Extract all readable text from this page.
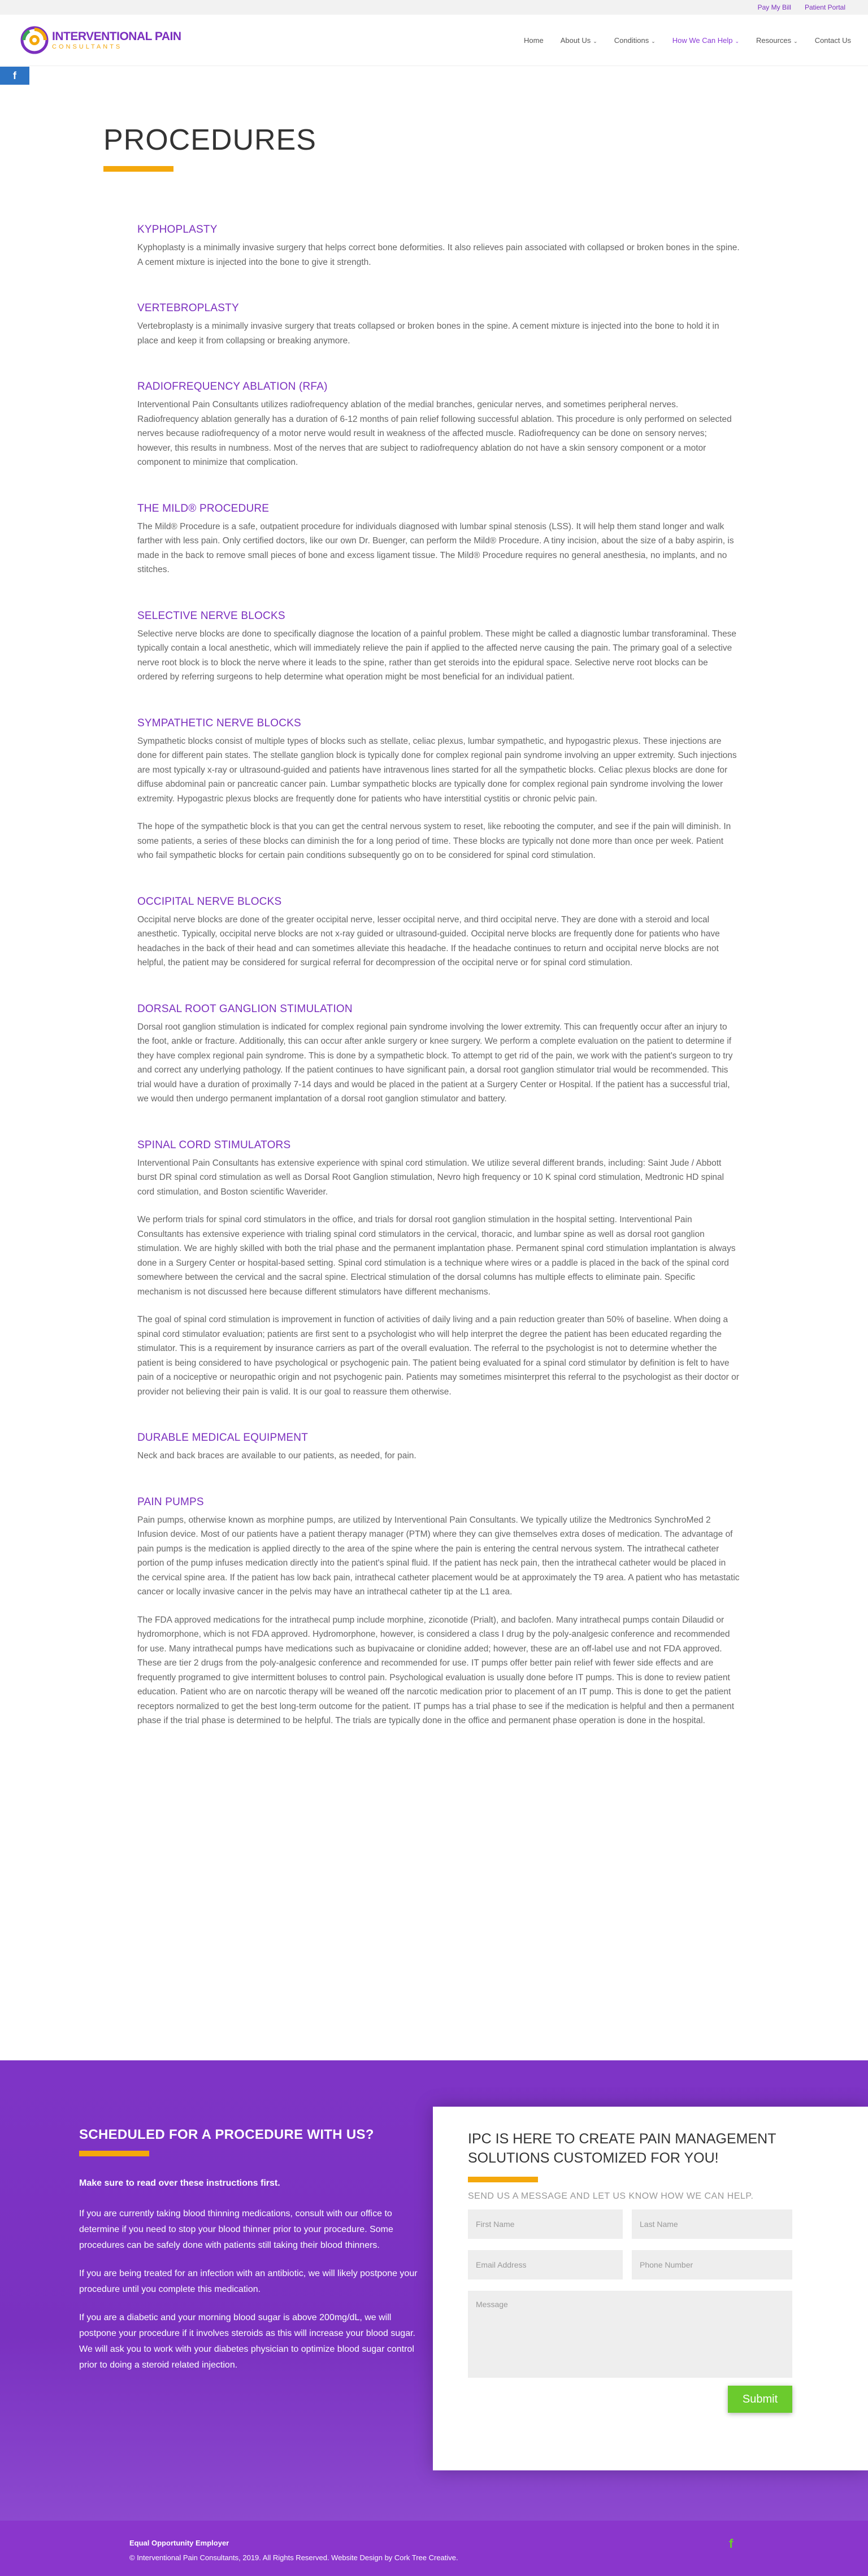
Pay My Bill Patient Portal
INTERVENTIONAL PAIN
CONSULTANTS
Home About Us ⌄ Conditions ⌄ How We Can Help ⌄ Resources ⌄ Contact Us
f
PROCEDURES
KYPHOPLASTY

Kyphoplasty is a minimally invasive surgery that helps correct bone deformities. It also relieves pain associated with collapsed or broken bones in the spine. A cement mixture is injected into the bone to give it strength.

VERTEBROPLASTY

Vertebroplasty is a minimally invasive surgery that treats collapsed or broken bones in the spine. A cement mixture is injected into the bone to hold it in place and keep it from collapsing or breaking anymore.

RADIOFREQUENCY ABLATION (RFA)

Interventional Pain Consultants utilizes radiofrequency ablation of the medial branches, genicular nerves, and sometimes peripheral nerves. Radiofrequency ablation generally has a duration of 6-12 months of pain relief following successful ablation. This procedure is only performed on selected nerves because radiofrequency of a motor nerve would result in weakness of the affected muscle. Radiofrequency can be done on sensory nerves; however, this results in numbness. Most of the nerves that are subject to radiofrequency ablation do not have a skin sensory component or a motor component to minimize that complication.

THE MILD® PROCEDURE

The Mild® Procedure is a safe, outpatient procedure for individuals diagnosed with lumbar spinal stenosis (LSS). It will help them stand longer and walk farther with less pain. Only certified doctors, like our own Dr. Buenger, can perform the Mild® Procedure. A tiny incision, about the size of a baby aspirin, is made in the back to remove small pieces of bone and excess ligament tissue. The Mild® Procedure requires no general anesthesia, no implants, and no stitches.

SELECTIVE NERVE BLOCKS

Selective nerve blocks are done to specifically diagnose the location of a painful problem. These might be called a diagnostic lumbar transforaminal. These typically contain a local anesthetic, which will immediately relieve the pain if applied to the affected nerve causing the pain. The primary goal of a selective nerve root block is to block the nerve where it leads to the spine, rather than get steroids into the epidural space. Selective nerve root blocks can be ordered by referring surgeons to help determine what operation might be most beneficial for an individual patient.

SYMPATHETIC NERVE BLOCKS

Sympathetic blocks consist of multiple types of blocks such as stellate, celiac plexus, lumbar sympathetic, and hypogastric plexus. These injections are done for different pain states. The stellate ganglion block is typically done for complex regional pain syndrome involving an upper extremity. Such injections are most typically x-ray or ultrasound-guided and patients have intravenous lines started for all the sympathetic blocks. Celiac plexus blocks are done for diffuse abdominal pain or pancreatic cancer pain. Lumbar sympathetic blocks are typically done for complex regional pain syndrome involving the lower extremity. Hypogastric plexus blocks are frequently done for patients who have interstitial cystitis or chronic pelvic pain.

The hope of the sympathetic block is that you can get the central nervous system to reset, like rebooting the computer, and see if the pain will diminish. In some patients, a series of these blocks can diminish the for a long period of time. These blocks are typically not done more than once per week. Patient who fail sympathetic blocks for certain pain conditions subsequently go on to be considered for spinal cord stimulation.

OCCIPITAL NERVE BLOCKS

Occipital nerve blocks are done of the greater occipital nerve, lesser occipital nerve, and third occipital nerve. They are done with a steroid and local anesthetic. Typically, occipital nerve blocks are not x-ray guided or ultrasound-guided. Occipital nerve blocks are frequently done for patients who have headaches in the back of their head and can sometimes alleviate this headache. If the headache continues to return and occipital nerve blocks are not helpful, the patient may be considered for surgical referral for decompression of the occipital nerve or for spinal cord stimulation.

DORSAL ROOT GANGLION STIMULATION

Dorsal root ganglion stimulation is indicated for complex regional pain syndrome involving the lower extremity. This can frequently occur after an injury to the foot, ankle or fracture. Additionally, this can occur after ankle surgery or knee surgery. We perform a complete evaluation on the patient to determine if they have complex regional pain syndrome. This is done by a sympathetic block. To attempt to get rid of the pain, we work with the patient's surgeon to try and correct any underlying pathology. If the patient continues to have significant pain, a dorsal root ganglion stimulator trial would be recommended. This trial would have a duration of proximally 7-14 days and would be placed in the patient at a Surgery Center or Hospital. If the patient has a successful trial, we would then undergo permanent implantation of a dorsal root ganglion stimulator and battery.

SPINAL CORD STIMULATORS

Interventional Pain Consultants has extensive experience with spinal cord stimulation. We utilize several different brands, including: Saint Jude / Abbott burst DR spinal cord stimulation as well as Dorsal Root Ganglion stimulation, Nevro high frequency or 10 K spinal cord stimulation, Medtronic HD spinal cord stimulation, and Boston scientific Waverider.

We perform trials for spinal cord stimulators in the office, and trials for dorsal root ganglion stimulation in the hospital setting. Interventional Pain Consultants has extensive experience with trialing spinal cord stimulators in the cervical, thoracic, and lumbar spine as well as dorsal root ganglion stimulation. We are highly skilled with both the trial phase and the permanent implantation phase. Permanent spinal cord stimulation implantation is always done in a Surgery Center or hospital-based setting. Spinal cord stimulation is a technique where wires or a paddle is placed in the back of the spinal cord somewhere between the cervical and the sacral spine. Electrical stimulation of the dorsal columns has multiple effects to eliminate pain. Specific mechanism is not discussed here because different stimulators have different mechanisms.

The goal of spinal cord stimulation is improvement in function of activities of daily living and a pain reduction greater than 50% of baseline. When doing a spinal cord stimulator evaluation; patients are first sent to a psychologist who will help interpret the degree the patient has been educated regarding the stimulator. This is a requirement by insurance carriers as part of the overall evaluation. The referral to the psychologist is not to determine whether the patient is being considered to have psychological or psychogenic pain. The patient being evaluated for a spinal cord stimulator by definition is felt to have pain of a nociceptive or neuropathic origin and not psychogenic pain. Patients may sometimes misinterpret this referral to the psychologist as their doctor or provider not believing their pain is valid. It is our goal to reassure them otherwise.

DURABLE MEDICAL EQUIPMENT

Neck and back braces are available to our patients, as needed, for pain.

PAIN PUMPS

Pain pumps, otherwise known as morphine pumps, are utilized by Interventional Pain Consultants. We typically utilize the Medtronics SynchroMed 2 Infusion device. Most of our patients have a patient therapy manager (PTM) where they can give themselves extra doses of medication. The advantage of pain pumps is the medication is applied directly to the area of the spine where the pain is entering the central nervous system. The intrathecal catheter portion of the pump infuses medication directly into the patient's spinal fluid. If the patient has neck pain, then the intrathecal catheter would be placed in the cervical spine area. If the patient has low back pain, intrathecal catheter placement would be at approximately the T9 area. A patient who has metastatic cancer or locally invasive cancer in the pelvis may have an intrathecal catheter tip at the L1 area.

The FDA approved medications for the intrathecal pump include morphine, ziconotide (Prialt), and baclofen. Many intrathecal pumps contain Dilaudid or hydromorphone, which is not FDA approved. Hydromorphone, however, is considered a class I drug by the poly-analgesic conference and recommended for use. Many intrathecal pumps have medications such as bupivacaine or clonidine added; however, these are an off-label use and not FDA approved. These are tier 2 drugs from the poly-analgesic conference and recommended for use. IT pumps offer better pain relief with fewer side effects and are frequently programed to give intermittent boluses to control pain. Psychological evaluation is usually done before IT pumps. This is done to review patient education. Patient who are on narcotic therapy will be weaned off the narcotic medication prior to placement of an IT pump. This is done to get the patient receptors normalized to get the best long-term outcome for the patient. IT pumps has a trial phase to see if the medication is helpful and then a permanent phase if the trial phase is determined to be helpful. The trials are typically done in the office and permanent phase operation is done in the hospital.

SCHEDULED FOR A PROCEDURE WITH US?

Make sure to read over these instructions first.

If you are currently taking blood thinning medications, consult with our office to determine if you need to stop your blood thinner prior to your procedure. Some procedures can be safely done with patients still taking their blood thinners.

If you are being treated for an infection with an antibiotic, we will likely postpone your procedure until you complete this medication.

If you are a diabetic and your morning blood sugar is above 200mg/dL, we will postpone your procedure if it involves steroids as this will increase your blood sugar. We will ask you to work with your diabetes physician to optimize blood sugar control prior to doing a steroid related injection.

IPC IS HERE TO CREATE PAIN MANAGEMENT SOLUTIONS CUSTOMIZED FOR YOU!

SEND US A MESSAGE AND LET US KNOW HOW WE CAN HELP.

First Name	Last Name
Email Address	Phone Number
Message
Submit
Equal Opportunity Employer
© Interventional Pain Consultants, 2019. All Rights Reserved. Website Design by Cork Tree Creative.
f
